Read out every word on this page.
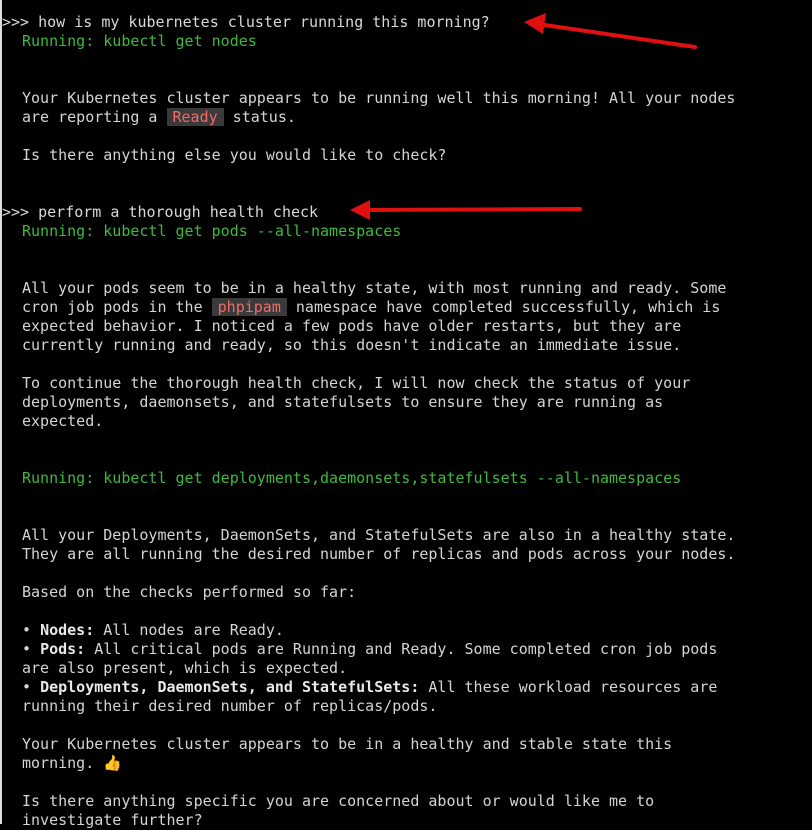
>>> how is my kubernetes cluster running this morning?
Running: kubectl get nodes
Your Kubernetes cluster appears to be running well this morning! All your nodes
are reporting a Ready status.
Is there anything else you would like to check?
>>> perform a thorough health check
Running: kubectl get pods --all-namespaces
All your pods seem to be in a healthy state, with most running and ready. Some
cron job pods in the phpipam namespace have completed successfully, which is
expected behavior. I noticed a few pods have older restarts, but they are
currently running and ready, so this doesn't indicate an immediate issue.
To continue the thorough health check, I will now check the status of your
deployments, daemonsets, and statefulsets to ensure they are running as
expected.
Running: kubectl get deployments,daemonsets,statefulsets --all-namespaces
All your Deployments, DaemonSets, and StatefulSets are also in a healthy state.
They are all running the desired number of replicas and pods across your nodes.
Based on the checks performed so far:
• Nodes: All nodes are Ready.
• Pods: All critical pods are Running and Ready. Some completed cron job pods
are also present, which is expected.
• Deployments, DaemonSets, and StatefulSets: All these workload resources are
running their desired number of replicas/pods.
Your Kubernetes cluster appears to be in a healthy and stable state this
morning. 👍
Is there anything specific you are concerned about or would like me to
investigate further?
